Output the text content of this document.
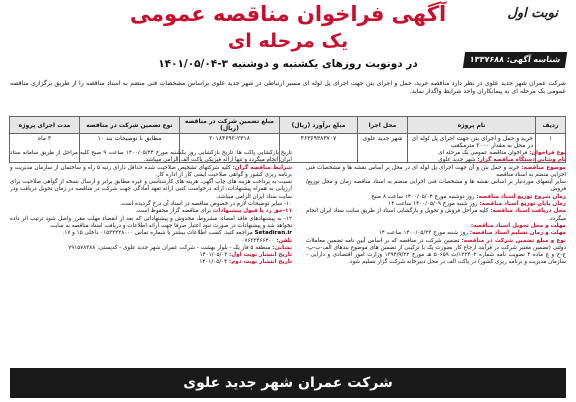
نوبت اول
شناسه آگهی: ۱۳۳۷۶۸۸
آگهی فراخوان مناقصه عمومی
یک مرحله ای
در دونوبت روزهای یکشنبه و دوشنبه ۳-۱۴۰۱/۰۵/۰۴
شرکت عمران شهر جدید علوی در نظر دارد مناقصه خرید، حمل و اجرای بتن جهت اجرای پل لوله ای مسیر ارتباطی در شهر جدید علوی براساس مشخصات فنی منضم به اسناد مناقصه را از طریق برگزاری مناقصه عمومی یک مرحله ای به پیمانکاران واجد شرایط واگذار نماید.
ردیف	نام پروژه	محل اجرا	مبلغ برآورد (ریال)	مبلغ تضمین شرکت در مناقصه (ریال)	نوع تضمین شرکت در مناقصه	مدت اجرای پروژه
۱	خرید و حمل و اجرای بتن جهت اجرای پل لوله ای در محل به مقدار ۲۰۰۰ مترمکعب	شهر جدید علوی	۴۶۳۶۹۳۸۳۷۰۷	۲۰۱۸۴۶۹۲-۲۳۱۸	مطابق با توضیحات بند ۱۰	۳ ماه

نوع فراخوان: فراخوان مناقصه عمومی یک مرحله ای

نام وشانی دستگاه مناقصه گزار: شهر جدید علوی

موضوع مناقصه: خرید و حمل بتن و آن جهت اجرای پل لوله ای در محل بر اساس نقشه ها و مشخصات فنی اجرایی منضم به اسناد مناقصه

سایر آیتمهای موردنیاز بر اساس نقشه ها و مشخصات فنی اجرایی منضم به اسناد مناقصه زمان و محل توزیع/فروش

زمان شروع توزیع اسناد مناقصه: روز دوشنبه مورخ ۱۴۰۰/۰۵/۰۴ ساعت ۸ صبح

زمان پایان توزیع اسناد مناقصه: روز شنبه مورخ ۱۴۰۰/۰۵/۰۹ ساعت ۱۴

محل دریافت اسناد مناقصه: کلیه مراحل فروش و تحویل و بارگشایی اسناد از طریق سایت ستاد ایران انجام میگردد.

مهلت و محل تحویل اسناد مناقصه:

مهلت و زمان تسلیم اسناد مناقصه: روز شنبه مورخ ۱۴۰۰/۰۵/۲۳ ساعت ۱۴

نوع و مبلغ تضمین شرکت در مناقصه: تضمین شرکت در مناقصه که بر اساس آیین نامه تضمین معاملات دولتی (تضمین معتبر شرکت در فرآیند ارجاع کار بصورت یک یا ترکیبی از تضمین های موضوع بندهای الف-ب-پ-ج-ح و چ ماده ۴ تصویب نامه شماره ۱۲۳۴۰۲/ت ۵۰۶۵۹ هـ مورخ ۱۳۹۴/۹/۲۲ وزارت امور اقتصادی و دارایی - سازمان مدیریت و برنامه ریزی کشور) در پاکت الف در محل دبیرخانه شرکت گزار تسلیم شود.

تاریخ بازگشایی پاکت ها: تاریخ بازگشایی روز یکشنبه مورخ ۱۴۰۰/۰۵/۲۴ ساعت ۹ صبح کلیه مراحل از طریق سامانه ستاد ایران انجام میگردد و تنها ارائه فیزیکی پاکت الف الزامی میباشد.

شرایط مناقصه گران: کلیه شرکتهای تشخیص صلاحیت شده حداقل دارای رتبه ۵ راه و ساختمان از سازمان مدیریت و برنامه ریزی کشور و گواهی صلاحیت ایمنی کار از اداره کار.

نسبت به پرداخت هزینه های چاپ آگهی، هزینه های کارشناسی و غیره مطابق برابر و ارسال نسخه از گواهی صلاحیت برای ارزیابی به همراه پیشنهادات، ارائه درخواست کتبی ارائه تعهد آمادگی جهت شرکت در مناقصه در زمان تحویل دریافت ودر سایت ستاد ایران الزامی میباشد.

۱۰- سایر توضیحات لازم در خصوص مناقصه در اسناد آن درج گردیده است.

۱۱-حق رد یا قبول پیشنهادات برای مناقصه گزار محفوظ است.

۱۲- به پیشنهادهای فاقد امضاء، مشروط، مخدوش و پیشنهاداتی که بعد از انقضاء مهلت مقرر واصل شود ترتیب اثر داده نخواهد شد و پیشنهادات در صورت نبود اعتبار صرفا جهت ارائه اطلاعات و دریافت اسناد مناقصه به سایت

Setadiran.ir مراجعه کنید. کسب اطلاعات بیشتر با شماره تماس ۰۱۵۳۳۳۲۸۰۰۰ داخلی ۱۵ و ۱۷.

تلفن: ۰۷۶۳۳۴۶۶۴۰۰

نشانی: منطقه ۵ فاز یک - بلوار بهشت - شرکت عمران شهر جدید علوی - کدپستی: ۷۹۱۵۷۸۳۸۸

تاریخ انتشار نوبت اول: ۱۴۰۱/۰۵/۰۳

تاریخ انتشار نوبت دوم: ۱۴۰۱/۰۵/۰۴

شرکت عمران شهر جدید علوی
